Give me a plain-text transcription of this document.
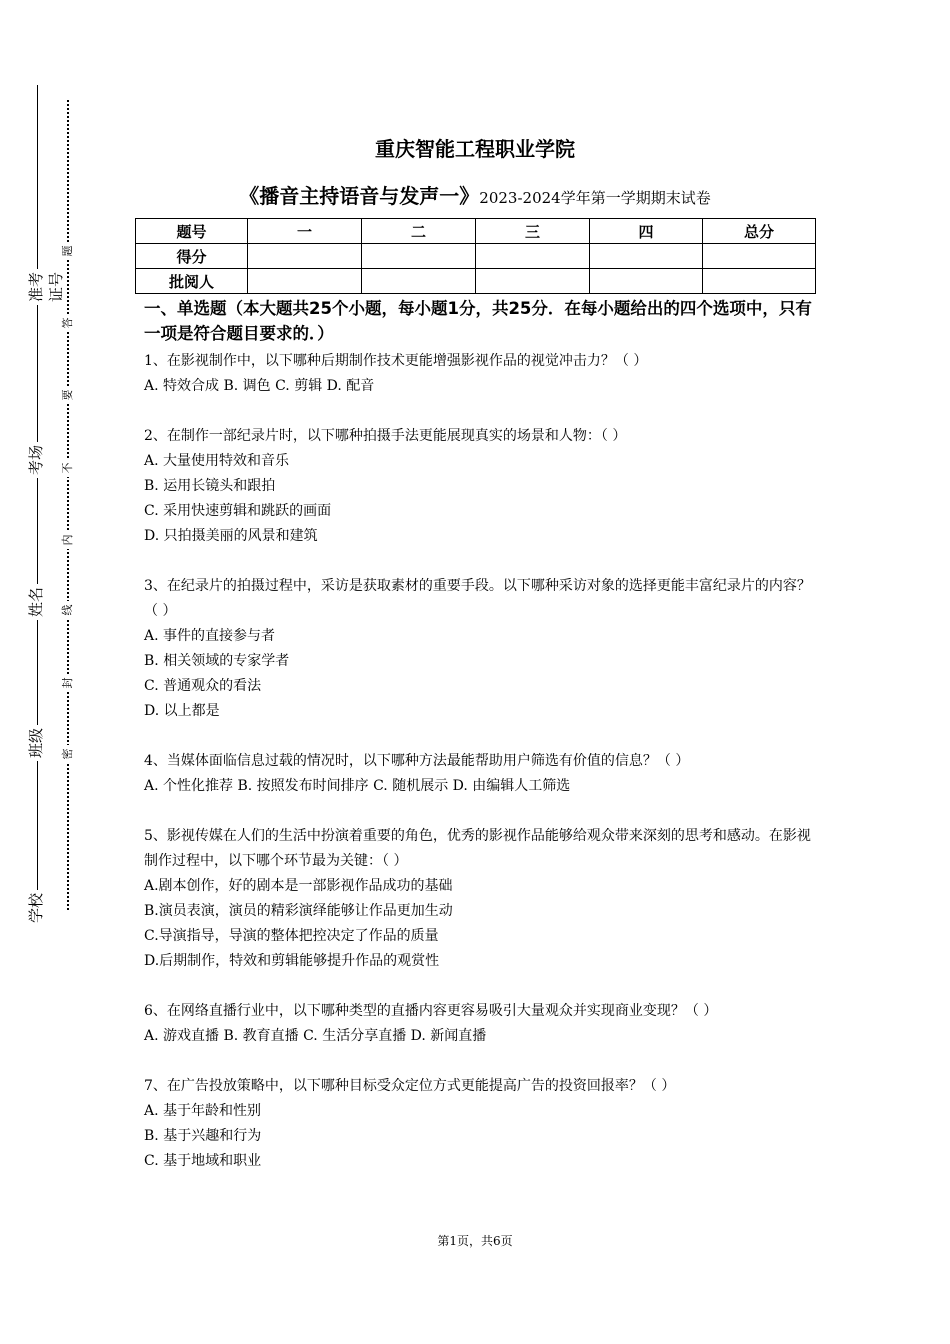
准考证号
考场
姓名
班级
学校
题
答
要
不
内
线
封
密
重庆智能工程职业学院
《播音主持语音与发声一》2023-2024学年第一学期期末试卷
题号	一	二	三	四	总分
得分					
批阅人					

一、单选题（本大题共25个小题，每小题1分，共25分．在每小题给出的四个选项中，只有一项是符合题目要求的．）

1、在影视制作中，以下哪种后期制作技术更能增强影视作品的视觉冲击力？（ ）

A. 特效合成 B. 调色 C. 剪辑 D. 配音

2、在制作一部纪录片时，以下哪种拍摄手法更能展现真实的场景和人物：（ ）

A. 大量使用特效和音乐

B. 运用长镜头和跟拍

C. 采用快速剪辑和跳跃的画面

D. 只拍摄美丽的风景和建筑

3、在纪录片的拍摄过程中，采访是获取素材的重要手段。以下哪种采访对象的选择更能丰富纪录片的内容？（ ）

A. 事件的直接参与者

B. 相关领域的专家学者

C. 普通观众的看法

D. 以上都是

4、当媒体面临信息过载的情况时，以下哪种方法最能帮助用户筛选有价值的信息？（ ）

A. 个性化推荐 B. 按照发布时间排序 C. 随机展示 D. 由编辑人工筛选

5、影视传媒在人们的生活中扮演着重要的角色，优秀的影视作品能够给观众带来深刻的思考和感动。在影视制作过程中，以下哪个环节最为关键：（ ）

A.剧本创作，好的剧本是一部影视作品成功的基础

B.演员表演，演员的精彩演绎能够让作品更加生动

C.导演指导，导演的整体把控决定了作品的质量

D.后期制作，特效和剪辑能够提升作品的观赏性

6、在网络直播行业中，以下哪种类型的直播内容更容易吸引大量观众并实现商业变现？（ ）

A. 游戏直播 B. 教育直播 C. 生活分享直播 D. 新闻直播

7、在广告投放策略中，以下哪种目标受众定位方式更能提高广告的投资回报率？（ ）

A. 基于年龄和性别

B. 基于兴趣和行为

C. 基于地域和职业

第1页，共6页
